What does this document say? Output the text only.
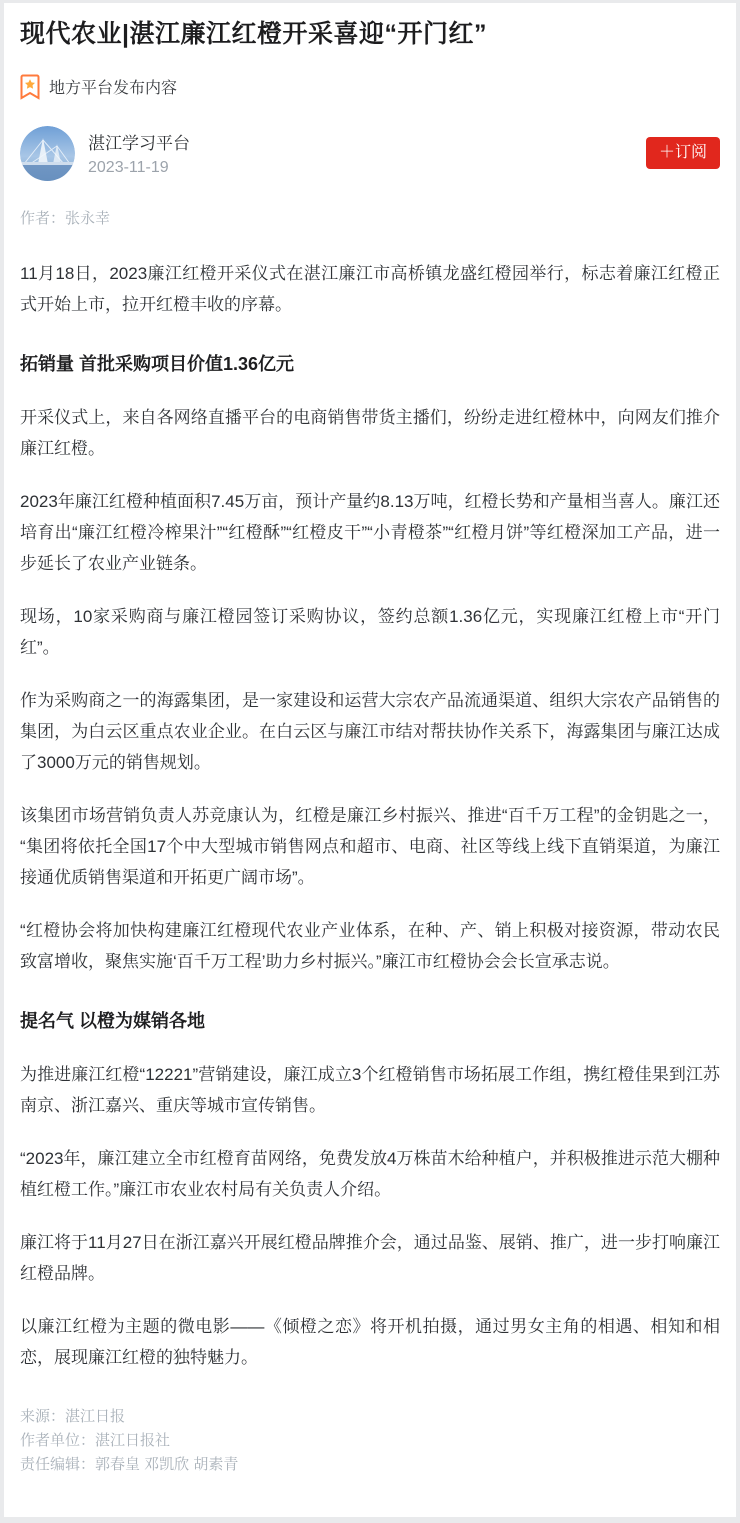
现代农业|湛江廉江红橙开采喜迎“开门红”
地方平台发布内容
湛江学习平台
2023-11-19
＋订阅
作者：张永幸

11月18日，2023廉江红橙开采仪式在湛江廉江市高桥镇龙盛红橙园举行，标志着廉江红橙正式开始上市，拉开红橙丰收的序幕。

拓销量 首批采购项目价值1.36亿元

开采仪式上，来自各网络直播平台的电商销售带货主播们，纷纷走进红橙林中，向网友们推介廉江红橙。

2023年廉江红橙种植面积7.45万亩，预计产量约8.13万吨，红橙长势和产量相当喜人。廉江还培育出“廉江红橙冷榨果汁”“红橙酥”“红橙皮干”“小青橙茶”“红橙月饼”等红橙深加工产品，进一步延长了农业产业链条。

现场，10家采购商与廉江橙园签订采购协议，签约总额1.36亿元，实现廉江红橙上市“开门红”。

作为采购商之一的海露集团，是一家建设和运营大宗农产品流通渠道、组织大宗农产品销售的集团，为白云区重点农业企业。在白云区与廉江市结对帮扶协作关系下，海露集团与廉江达成了3000万元的销售规划。

该集团市场营销负责人苏竞康认为，红橙是廉江乡村振兴、推进“百千万工程”的金钥匙之一，“集团将依托全国17个中大型城市销售网点和超市、电商、社区等线上线下直销渠道，为廉江接通优质销售渠道和开拓更广阔市场”。

“红橙协会将加快构建廉江红橙现代农业产业体系，在种、产、销上积极对接资源，带动农民致富增收，聚焦实施‘百千万工程’助力乡村振兴。”廉江市红橙协会会长宣承志说。

提名气 以橙为媒销各地

为推进廉江红橙“12221”营销建设，廉江成立3个红橙销售市场拓展工作组，携红橙佳果到江苏南京、浙江嘉兴、重庆等城市宣传销售。

“2023年，廉江建立全市红橙育苗网络，免费发放4万株苗木给种植户，并积极推进示范大棚种植红橙工作。”廉江市农业农村局有关负责人介绍。

廉江将于11月27日在浙江嘉兴开展红橙品牌推介会，通过品鉴、展销、推广，进一步打响廉江红橙品牌。

以廉江红橙为主题的微电影——《倾橙之恋》将开机拍摄，通过男女主角的相遇、相知和相恋，展现廉江红橙的独特魅力。

来源：湛江日报
作者单位：湛江日报社
责任编辑：郭春皇 邓凯欣 胡素青
